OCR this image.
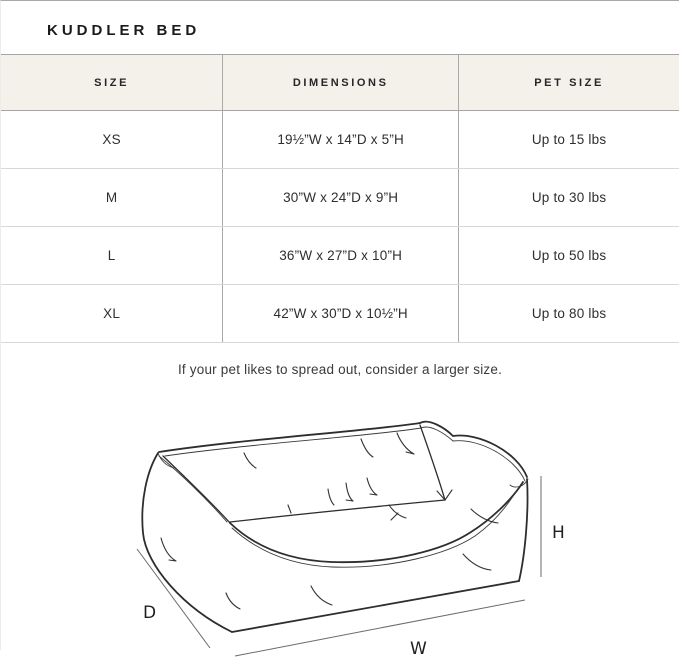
KUDDLER BED
SIZE	DIMENSIONS	PET SIZE
XS	19½”W x 14”D x 5”H	Up to 15 lbs
M	30”W x 24”D x 9”H	Up to 30 lbs
L	36”W x 27”D x 10”H	Up to 50 lbs
XL	42”W x 30”D x 10½”H	Up to 80 lbs

If your pet likes to spread out, consider a larger size.

H
D
W
